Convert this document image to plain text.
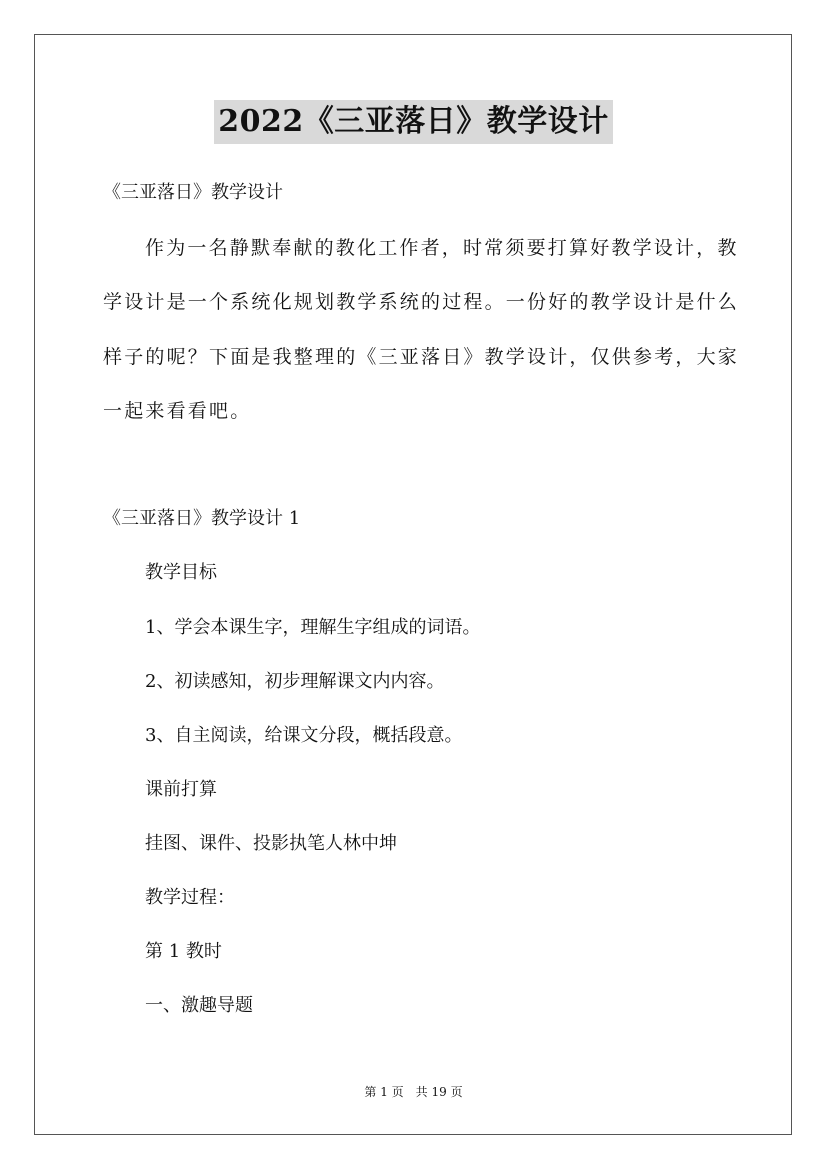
2022《三亚落日》教学设计
《三亚落日》教学设计
作为一名静默奉献的教化工作者，时常须要打算好教学设计，教
学设计是一个系统化规划教学系统的过程。一份好的教学设计是什么
样子的呢？下面是我整理的《三亚落日》教学设计，仅供参考，大家
一起来看看吧。
《三亚落日》教学设计 1
教学目标
1、学会本课生字，理解生字组成的词语。
2、初读感知，初步理解课文内内容。
3、自主阅读，给课文分段，概括段意。
课前打算
挂图、课件、投影执笔人林中坤
教学过程：
第 1 教时
一、激趣导题
第 1 页　共 19 页
